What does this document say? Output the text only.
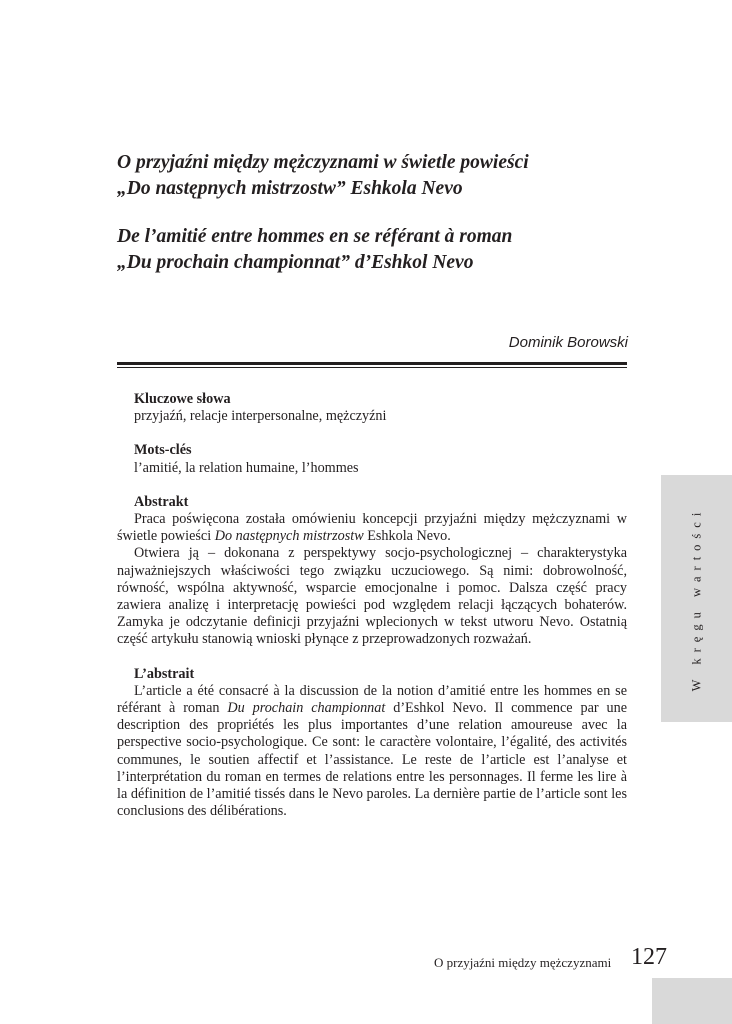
O przyjaźni między mężczyznami w świetle powieści
„Do następnych mistrzostw” Eshkola Nevo

De l’amitié entre hommes en se référant à roman
„Du prochain championnat” d’Eshkol Nevo

Dominik Borowski
Kluczowe słowa
przyjaźń, relacje interpersonalne, mężczyźni
Mots-clés
l’amitié, la relation humaine, l’hommes
Abstrakt

Praca poświęcona została omówieniu koncepcji przyjaźni między mężczyznami w świetle powieści Do następnych mistrzostw Eshkola Nevo.

Otwiera ją – dokonana z perspektywy socjo-psychologicznej – charakterystyka najważniejszych właściwości tego związku uczuciowego. Są nimi: dobrowolność, równość, wspólna aktywność, wsparcie emocjonalne i pomoc. Dalsza część pracy zawiera analizę i interpretację powieści pod względem relacji łączących bohaterów. Zamyka je odczytanie definicji przyjaźni wplecionych w tekst utworu Nevo. Ostatnią część artykułu stanowią wnioski płynące z przeprowadzonych rozważań.

L’abstrait

L’article a été consacré à la discussion de la notion d’amitié entre les hommes en se référant à roman Du prochain championnat d’Eshkol Nevo. Il commence par une description des propriétés les plus importantes d’une relation amoureuse avec la perspective socio-psychologique. Ce sont: le caractère volontaire, l’égalité, des activités communes, le soutien affectif et l’assistance. Le reste de l’article est l’analyse et l’interprétation du roman en termes de relations entre les personnages. Il ferme les lire à la définition de l’amitié tissés dans le Nevo paroles. La dernière partie de l’article sont les conclusions des délibérations.

W kręgu wartości
O przyjaźni między mężczyznami 127
